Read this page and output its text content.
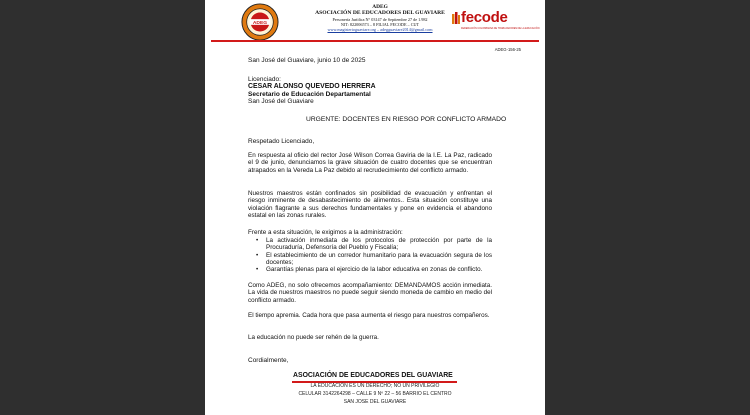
ADEG
ADEG
ASOCIACIÓN DE EDUCADORES DEL GUAVIARE
Personería Jurídica N° 03147 de Septiembre 27 de 1.982
NIT: 822006573 – 8 FILIAL FECODE – CUT
www.magisterioguaviare.org – adegguaviare2014@gmail.com
fecode
FEDERACIÓN COLOMBIANA DE TRABAJADORES DE LA EDUCACIÓN
ADEG-156-25
San José del Guaviare, junio 10 de 2025
Licenciado:
CESAR ALONSO QUEVEDO HERRERA
Secretario de Educación Departamental
San José del Guaviare
URGENTE: DOCENTES EN RIESGO POR CONFLICTO ARMADO
Respetado Licenciado,
En respuesta al oficio del rector José Wilson Correa Gaviria de la I.E. La Paz, radicado el 9 de junio, denunciamos la grave situación de cuatro docentes que se encuentran atrapados en la Vereda La Paz debido al recrudecimiento del conflicto armado.
Nuestros maestros están confinados sin posibilidad de evacuación y enfrentan el riesgo inminente de desabastecimiento de alimentos.. Esta situación constituye una violación flagrante a sus derechos fundamentales y pone en evidencia el abandono estatal en las zonas rurales.
Frente a esta situación, le exigimos a la administración:
• La activación inmediata de los protocolos de protección por parte de la Procuraduría, Defensoría del Pueblo y Fiscalía;
• El establecimiento de un corredor humanitario para la evacuación segura de los docentes;
• Garantías plenas para el ejercicio de la labor educativa en zonas de conflicto.
Como ADEG, no solo ofrecemos acompañamiento: DEMANDAMOS acción inmediata. La vida de nuestros maestros no puede seguir siendo moneda de cambio en medio del conflicto armado.
El tiempo apremia. Cada hora que pasa aumenta el riesgo para nuestros compañeros.
La educación no puede ser rehén de la guerra.
Cordialmente,
ASOCIACIÓN DE EDUCADORES DEL GUAVIARE
LA EDUCACIÓN ES UN DERECHO; NO UN PRIVILEGIO
CELULAR 3142264298 – CALLE 9 Nº 22 – 56 BARRIO EL CENTRO
SAN JOSE DEL GUAVIARE
